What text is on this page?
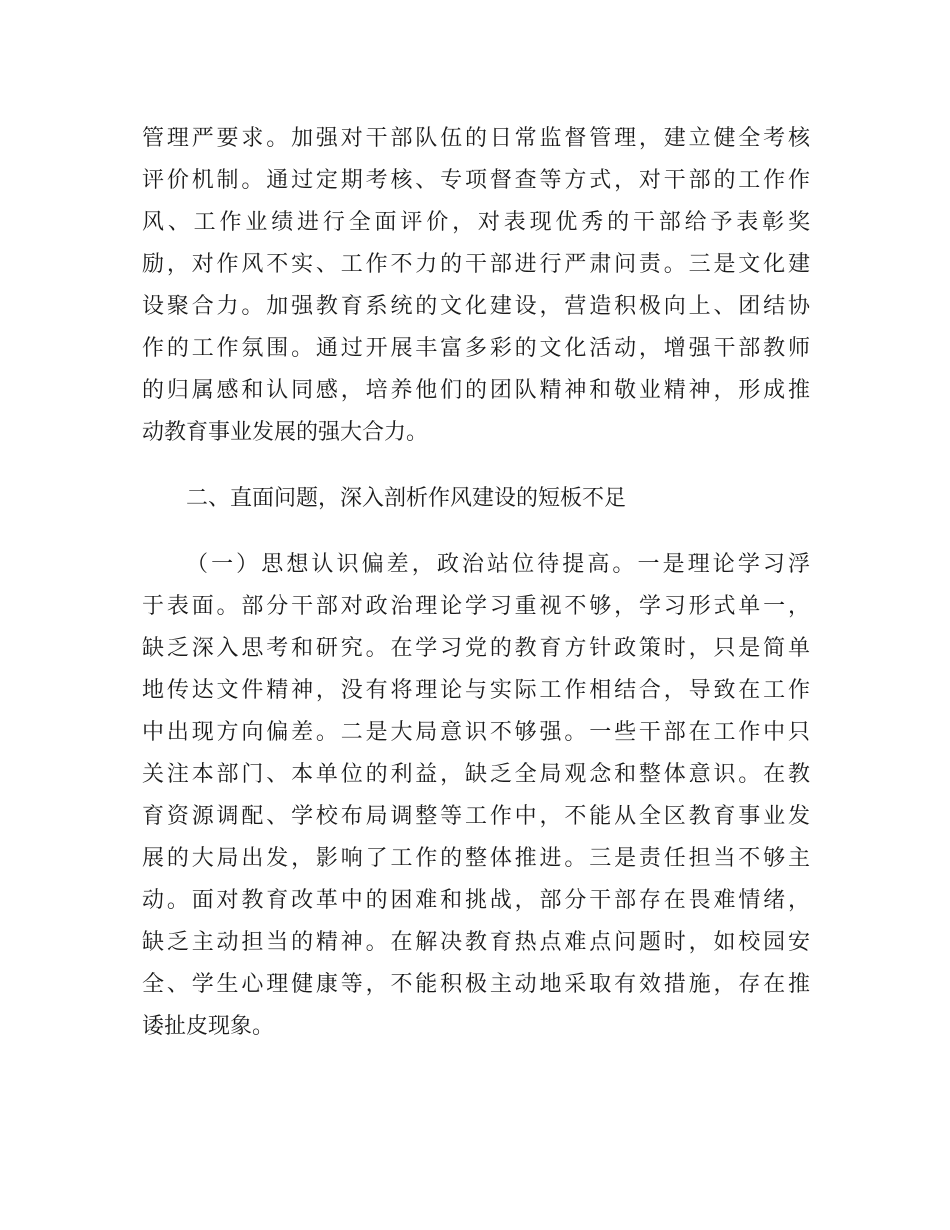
管理严要求。加强对干部队伍的日常监督管理，建立健全考核
评价机制。通过定期考核、专项督查等方式，对干部的工作作
风、工作业绩进行全面评价，对表现优秀的干部给予表彰奖
励，对作风不实、工作不力的干部进行严肃问责。三是文化建
设聚合力。加强教育系统的文化建设，营造积极向上、团结协
作的工作氛围。通过开展丰富多彩的文化活动，增强干部教师
的归属感和认同感，培养他们的团队精神和敬业精神，形成推
动教育事业发展的强大合力。
二、直面问题，深入剖析作风建设的短板不足
（一）思想认识偏差，政治站位待提高。一是理论学习浮
于表面。部分干部对政治理论学习重视不够，学习形式单一，
缺乏深入思考和研究。在学习党的教育方针政策时，只是简单
地传达文件精神，没有将理论与实际工作相结合，导致在工作
中出现方向偏差。二是大局意识不够强。一些干部在工作中只
关注本部门、本单位的利益，缺乏全局观念和整体意识。在教
育资源调配、学校布局调整等工作中，不能从全区教育事业发
展的大局出发，影响了工作的整体推进。三是责任担当不够主
动。面对教育改革中的困难和挑战，部分干部存在畏难情绪，
缺乏主动担当的精神。在解决教育热点难点问题时，如校园安
全、学生心理健康等，不能积极主动地采取有效措施，存在推
诿扯皮现象。
